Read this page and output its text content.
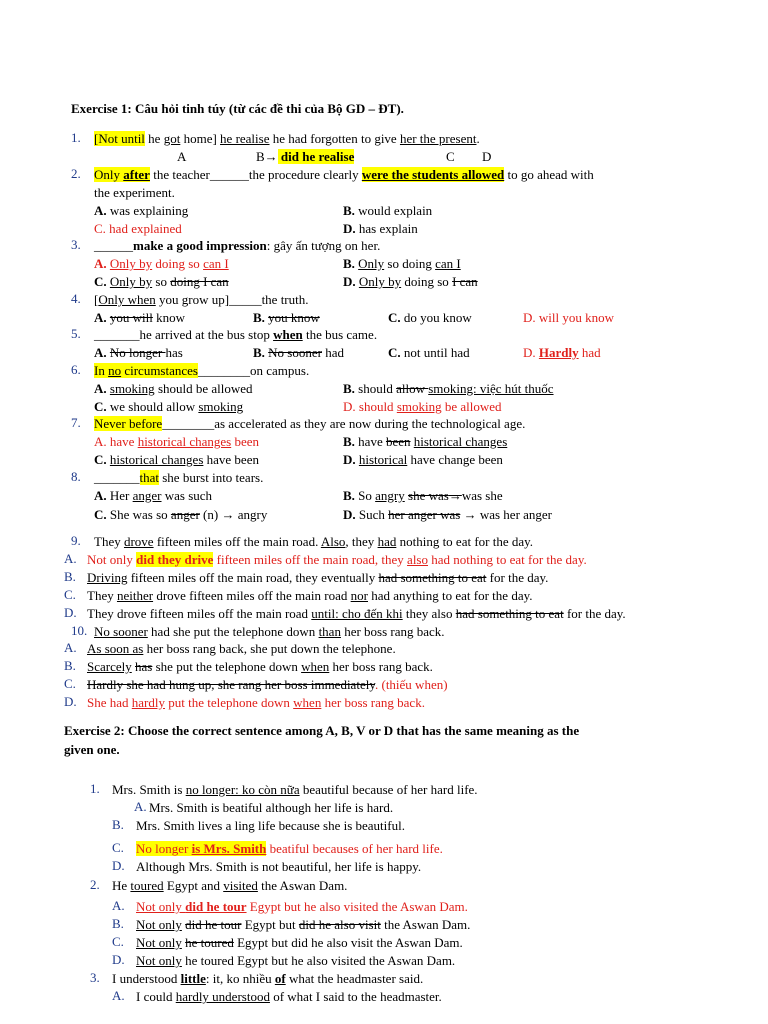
Exercise 1: Câu hỏi tinh túy (từ các đề thi của Bộ GD – ĐT).
1. [Not until he got home] he realise he had forgotten to give her the present.
A	B→ did he realise	C D
2. Only after the teacher______the procedure clearly were the students allowed to go ahead with
the experiment.
A. was explaining	B. would explain
C. had explained	D. has explain
3. ______make a good impression: gây ấn tượng on her.
A. Only by doing so can I	B. Only so doing can I
C. Only by so doing I can	D. Only by doing so I can
4. [Only when you grow up]_____the truth.
A. you will know	B. you know	C. do you know	D. will you know
5. _______he arrived at the bus stop when the bus came.
A. No longer has	B. No sooner had	C. not until had	D. Hardly had
6. In no circumstances________on campus.
A. smoking should be allowed	B. should allow smoking: việc hút thuốc
C. we should allow smoking	D. should smoking be allowed
7. Never before________as accelerated as they are now during the technological age.
A. have historical changes been	B. have been historical changes
C. historical changes have been	D. historical have change been
8. _______that she burst into tears.
A. Her anger was such	B. So angry she was→was she
C. She was so anger (n) → angry	D. Such her anger was → was her anger
9. They drove fifteen miles off the main road. Also, they had nothing to eat for the day.
A. Not only did they drive fifteen miles off the main road, they also had nothing to eat for the day.
B. Driving fifteen miles off the main road, they eventually had something to eat for the day.
C. They neither drove fifteen miles off the main road nor had anything to eat for the day.
D. They drove fifteen miles off the main road until: cho đến khi they also had something to eat for the day.
10. No sooner had she put the telephone down than her boss rang back.
A. As soon as her boss rang back, she put down the telephone.
B. Scarcely has she put the telephone down when her boss rang back.
C. Hardly she had hung up, she rang her boss immediately. (thiếu when)
D. She had hardly put the telephone down when her boss rang back.
Exercise 2: Choose the correct sentence among A, B, V or D that has the same meaning as the
given one.
1. Mrs. Smith is no longer: ko còn nữa beautiful because of her hard life.
A. Mrs. Smith is beatiful although her life is hard.
B. Mrs. Smith lives a ling life because she is beautiful.
C. No longer is Mrs. Smith beatiful becauses of her hard life.
D. Although Mrs. Smith is not beautiful, her life is happy.
2. He toured Egypt and visited the Aswan Dam.
A. Not only did he tour Egypt but he also visited the Aswan Dam.
B. Not only did he tour Egypt but did he also visit the Aswan Dam.
C. Not only he toured Egypt but did he also visit the Aswan Dam.
D. Not only he toured Egypt but he also visited the Aswan Dam.
3. I understood little: it, ko nhiều of what the headmaster said.
A. I could hardly understood of what I said to the headmaster.
